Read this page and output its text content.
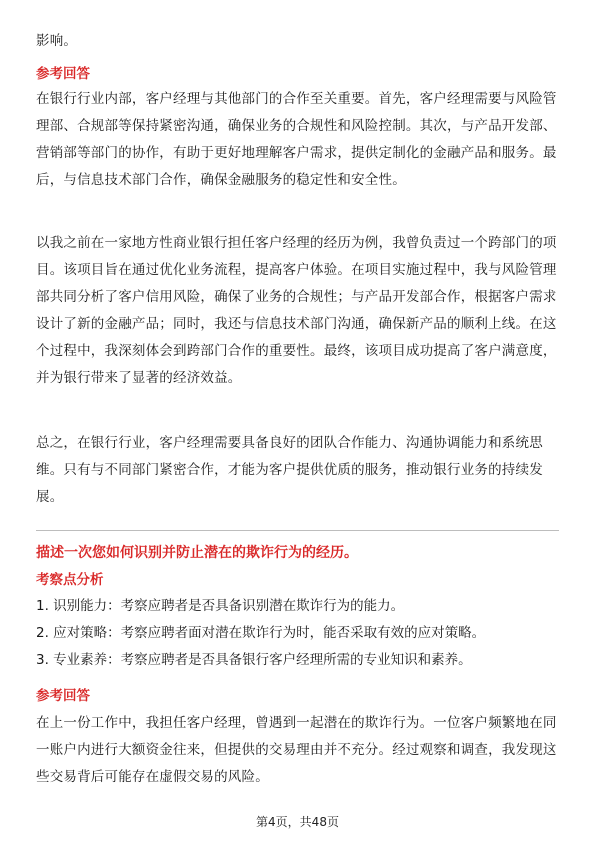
影响。

参考回答

在银行行业内部，客户经理与其他部门的合作至关重要。首先，客户经理需要与风险管理部、合规部等保持紧密沟通，确保业务的合规性和风险控制。其次，与产品开发部、营销部等部门的协作，有助于更好地理解客户需求，提供定制化的金融产品和服务。最后，与信息技术部门合作，确保金融服务的稳定性和安全性。

以我之前在一家地方性商业银行担任客户经理的经历为例，我曾负责过一个跨部门的项目。该项目旨在通过优化业务流程，提高客户体验。在项目实施过程中，我与风险管理部共同分析了客户信用风险，确保了业务的合规性；与产品开发部合作，根据客户需求设计了新的金融产品；同时，我还与信息技术部门沟通，确保新产品的顺利上线。在这个过程中，我深刻体会到跨部门合作的重要性。最终，该项目成功提高了客户满意度，并为银行带来了显著的经济效益。

总之，在银行行业，客户经理需要具备良好的团队合作能力、沟通协调能力和系统思维。只有与不同部门紧密合作，才能为客户提供优质的服务，推动银行业务的持续发展。

描述一次您如何识别并防止潜在的欺诈行为的经历。

考察点分析

1. 识别能力：考察应聘者是否具备识别潜在欺诈行为的能力。

2. 应对策略：考察应聘者面对潜在欺诈行为时，能否采取有效的应对策略。

3. 专业素养：考察应聘者是否具备银行客户经理所需的专业知识和素养。

参考回答

在上一份工作中，我担任客户经理，曾遇到一起潜在的欺诈行为。一位客户频繁地在同一账户内进行大额资金往来，但提供的交易理由并不充分。经过观察和调查，我发现这些交易背后可能存在虚假交易的风险。

第4页，共48页
